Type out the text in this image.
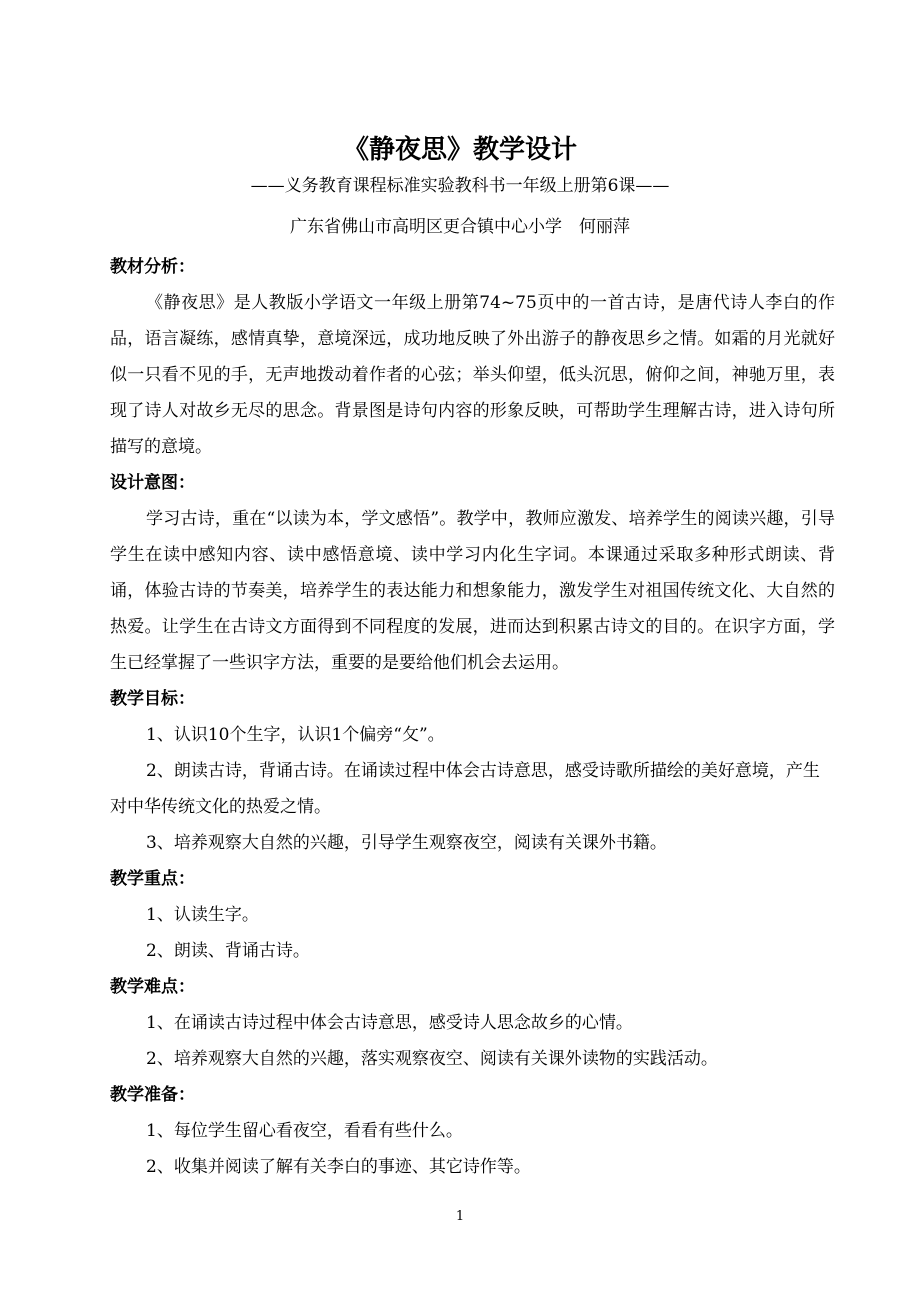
《静夜思》教学设计
——义务教育课程标准实验教科书一年级上册第6课——
广东省佛山市高明区更合镇中心小学　何丽萍

教材分析：

《静夜思》是人教版小学语文一年级上册第74~75页中的一首古诗，是唐代诗人李白的作品，语言凝练，感情真挚，意境深远，成功地反映了外出游子的静夜思乡之情。如霜的月光就好似一只看不见的手，无声地拨动着作者的心弦；举头仰望，低头沉思，俯仰之间，神驰万里，表现了诗人对故乡无尽的思念。背景图是诗句内容的形象反映，可帮助学生理解古诗，进入诗句所描写的意境。

设计意图：

学习古诗，重在“以读为本，学文感悟”。教学中，教师应激发、培养学生的阅读兴趣，引导学生在读中感知内容、读中感悟意境、读中学习内化生字词。本课通过采取多种形式朗读、背诵，体验古诗的节奏美，培养学生的表达能力和想象能力，激发学生对祖国传统文化、大自然的热爱。让学生在古诗文方面得到不同程度的发展，进而达到积累古诗文的目的。在识字方面，学生已经掌握了一些识字方法，重要的是要给他们机会去运用。

教学目标：

1、认识10个生字，认识1个偏旁“攵”。

2、朗读古诗，背诵古诗。在诵读过程中体会古诗意思，感受诗歌所描绘的美好意境，产生对中华传统文化的热爱之情。

3、培养观察大自然的兴趣，引导学生观察夜空，阅读有关课外书籍。

教学重点：

1、认读生字。

2、朗读、背诵古诗。

教学难点：

1、在诵读古诗过程中体会古诗意思，感受诗人思念故乡的心情。

2、培养观察大自然的兴趣，落实观察夜空、阅读有关课外读物的实践活动。

教学准备：

1、每位学生留心看夜空，看看有些什么。

2、收集并阅读了解有关李白的事迹、其它诗作等。

1
